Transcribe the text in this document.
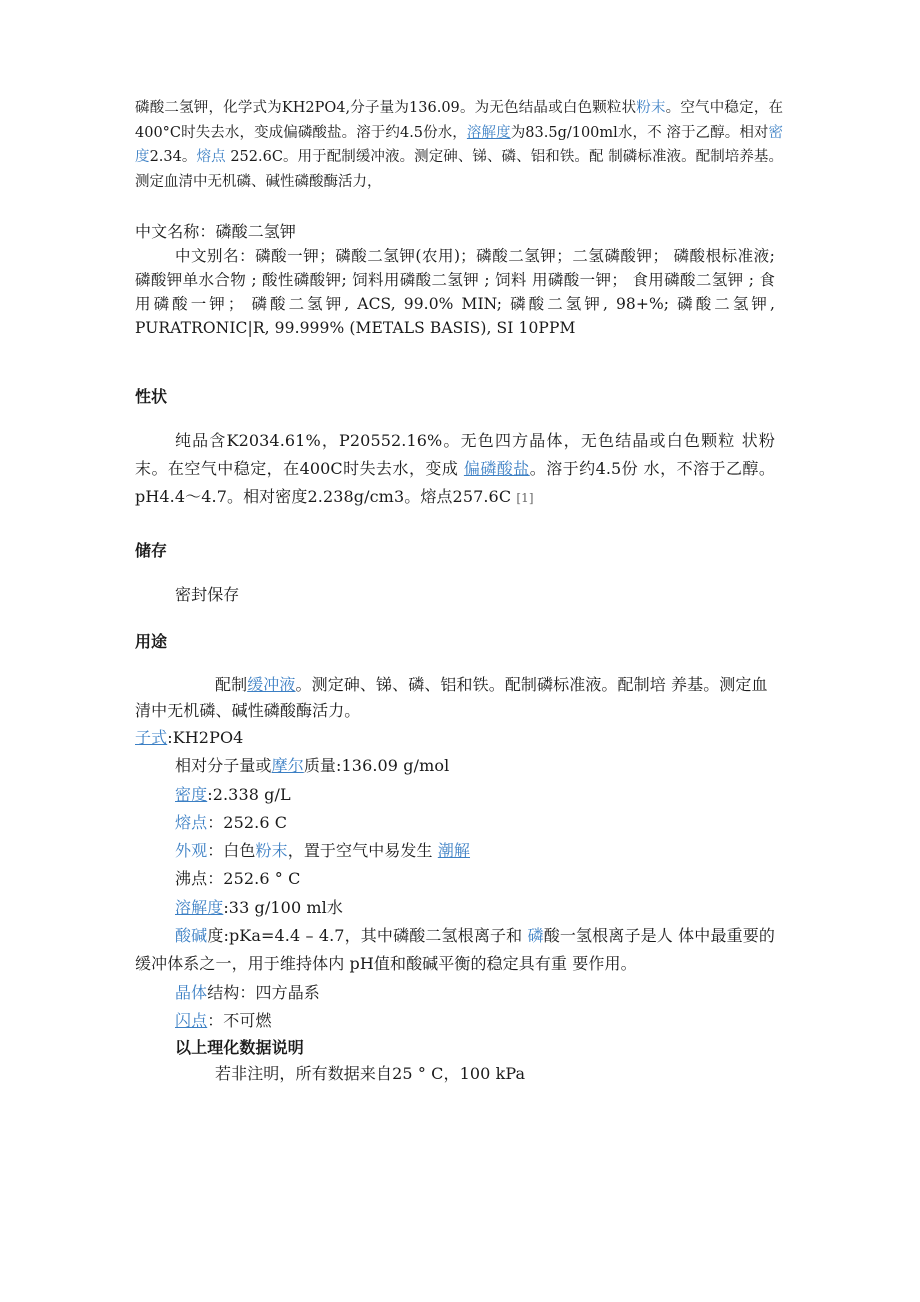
磷酸二氢钾，化学式为KH2PO4,分子量为136.09。为无色结晶或白色颗粒状粉末。空气中稳定，在400°C时失去水，变成偏磷酸盐。溶于约4.5份水，溶解度为83.5g/100ml水，不 溶于乙醇。相对密度2.34。熔点 252.6C。用于配制缓冲液。测定砷、锑、磷、铝和铁。配 制磷标准液。配制培养基。测定血清中无机磷、碱性磷酸酶活力，

中文名称：磷酸二氢钾

中文别名：磷酸一钾；磷酸二氢钾(农用)；磷酸二氢钾；二氢磷酸钾； 磷酸根标准液; 磷酸钾单水合物 ; 酸性磷酸钾; 饲料用磷酸二氢钾 ; 饲料 用磷酸一钾； 食用磷酸二氢钾 ; 食用磷酸一钾； 磷酸二氢钾, ACS, 99.0% MIN; 磷酸二氢钾, 98+%; 磷酸二氢钾, PURATRONIC|R, 99.999% (METALS BASIS), SI 10PPM

性状

纯品含K2034.61%，P20552.16%。无色四方晶体，无色结晶或白色颗粒 状粉末。在空气中稳定，在400C时失去水，变成 偏磷酸盐。溶于约4.5份 水，不溶于乙醇。pH4.4～4.7。相对密度2.238g/cm3。熔点257.6C [1]

储存

密封保存

用途

配制缓冲液。测定砷、锑、磷、铝和铁。配制磷标准液。配制培 养基。测定血清中无机磷、碱性磷酸酶活力。

子式:KH2PO4

相对分子量或摩尔质量:136.09 g/mol

密度:2.338 g/L

熔点：252.6 C

外观：白色粉末，置于空气中易发生 潮解

沸点：252.6 ° C

溶解度:33 g/100 ml水

酸碱度:pKa=4.4 – 4.7，其中磷酸二氢根离子和 磷酸一氢根离子是人 体中最重要的缓冲体系之一，用于维持体内 pH值和酸碱平衡的稳定具有重 要作用。

晶体结构：四方晶系

闪点：不可燃

以上理化数据说明

若非注明，所有数据来自25 ° C，100 kPa
